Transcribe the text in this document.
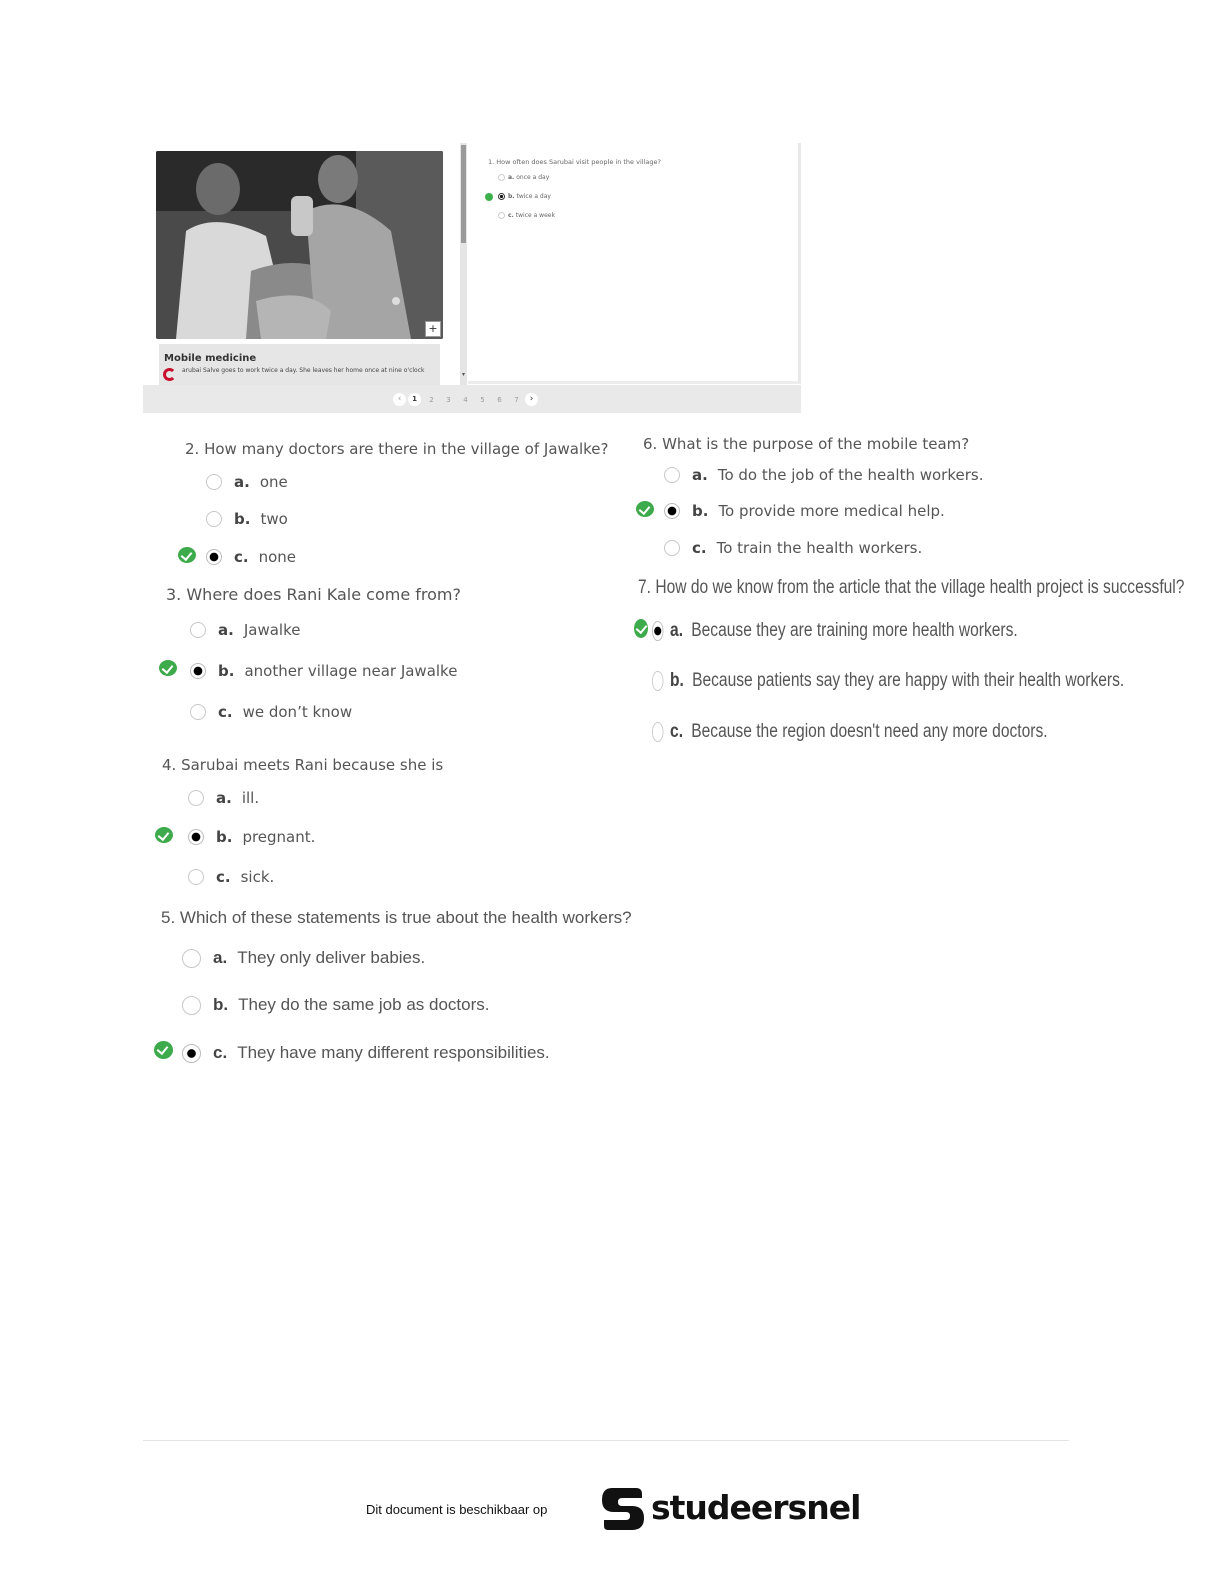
+
Mobile medicine
arubai Salve goes to work twice a day. She leaves her home once at nine o'clock
▾
1. How often does Sarubai visit people in the village?
a. once a day
b. twice a day
c. twice a week
‹	1	2	3	4	5	6	7	›
2. How many doctors are there in the village of Jawalke?
a. one
b. two
c. none
3. Where does Rani Kale come from?
a. Jawalke
b. another village near Jawalke
c. we don’t know
4. Sarubai meets Rani because she is
a. ill.
b. pregnant.
c. sick.
5. Which of these statements is true about the health workers?
a. They only deliver babies.
b. They do the same job as doctors.
c. They have many different responsibilities.
6. What is the purpose of the mobile team?
a. To do the job of the health workers.
b. To provide more medical help.
c. To train the health workers.
7. How do we know from the article that the village health project is successful?
a. Because they are training more health workers.
b. Because patients say they are happy with their health workers.
c. Because the region doesn't need any more doctors.
Dit document is beschikbaar op	studeersnel
